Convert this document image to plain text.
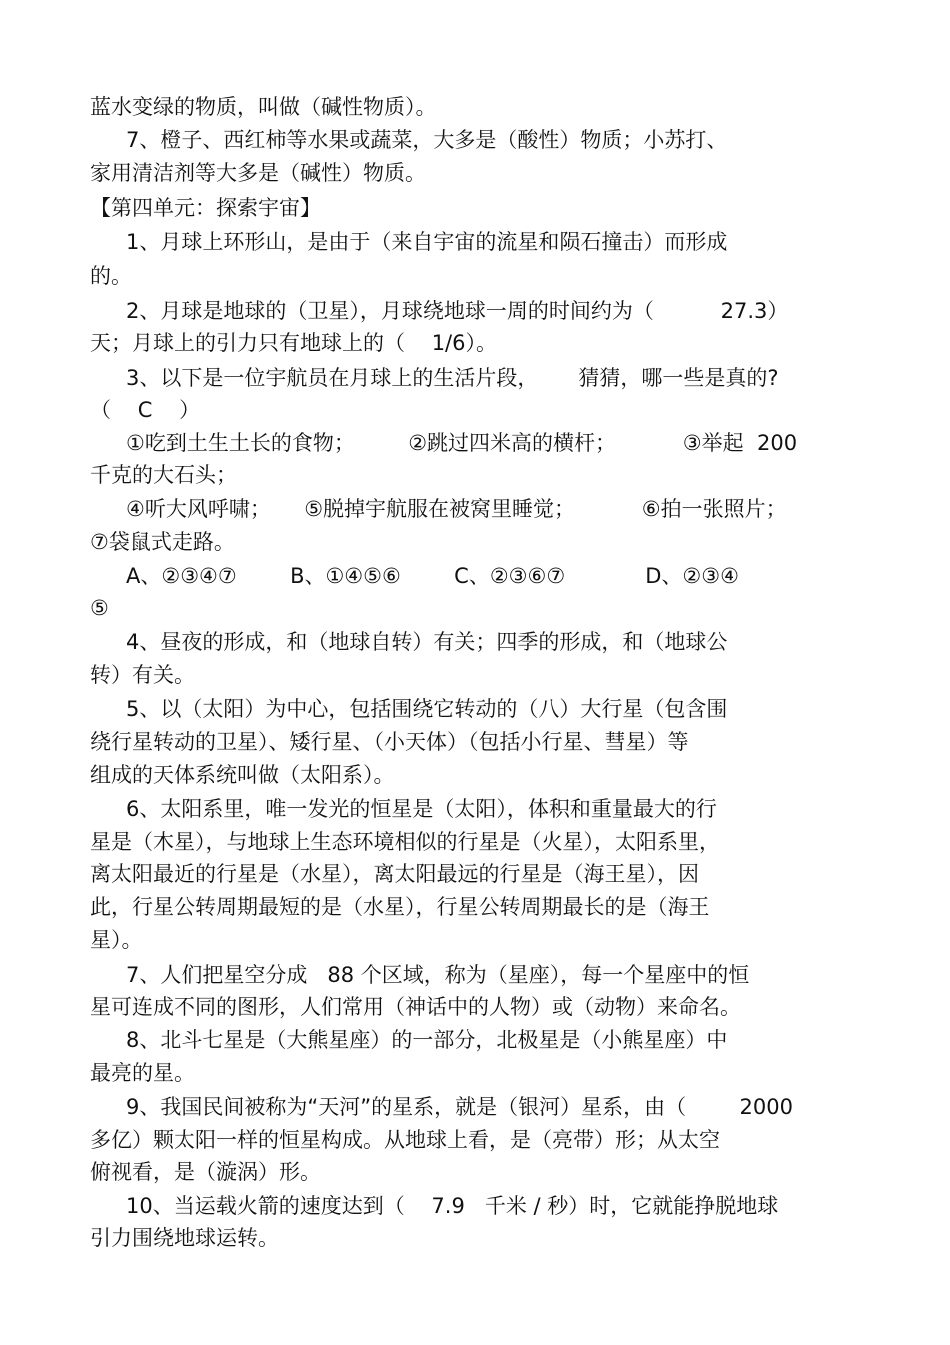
蓝水变绿的物质，叫做（碱性物质）。

7、橙子、西红柿等水果或蔬菜，大多是（酸性）物质；小苏打、

家用清洁剂等大多是（碱性）物质。

【第四单元：探索宇宙】

1、月球上环形山，是由于（来自宇宙的流星和陨石撞击）而形成

的。

2、月球是地球的（卫星），月球绕地球一周的时间约为（          27.3）

天；月球上的引力只有地球上的（    1/6）。

3、以下是一位宇航员在月球上的生活片段，      猜猜，哪一些是真的?

（    C    ）

①吃到土生土长的食物；        ②跳过四米高的横杆；          ③举起  200

千克的大石头；

④听大风呼啸；     ⑤脱掉宇航服在被窝里睡觉；          ⑥拍一张照片；

⑦袋鼠式走路。

A、②③④⑦        B、①④⑤⑥        C、②③⑥⑦            D、②③④

⑤

4、昼夜的形成，和（地球自转）有关；四季的形成，和（地球公

转）有关。

5、以（太阳）为中心，包括围绕它转动的（八）大行星（包含围

绕行星转动的卫星）、矮行星、（小天体）（包括小行星、彗星）等

组成的天体系统叫做（太阳系）。

6、太阳系里，唯一发光的恒星是（太阳），体积和重量最大的行

星是（木星），与地球上生态环境相似的行星是（火星），太阳系里，

离太阳最近的行星是（水星），离太阳最远的行星是（海王星），因

此，行星公转周期最短的是（水星），行星公转周期最长的是（海王

星）。

7、人们把星空分成   88 个区域，称为（星座），每一个星座中的恒

星可连成不同的图形，人们常用（神话中的人物）或（动物）来命名。

8、北斗七星是（大熊星座）的一部分，北极星是（小熊星座）中

最亮的星。

9、我国民间被称为“天河”的星系，就是（银河）星系，由（        2000

多亿）颗太阳一样的恒星构成。从地球上看，是（亮带）形；从太空

俯视看，是（漩涡）形。

10、当运载火箭的速度达到（    7.9   千米 / 秒）时，它就能挣脱地球

引力围绕地球运转。
